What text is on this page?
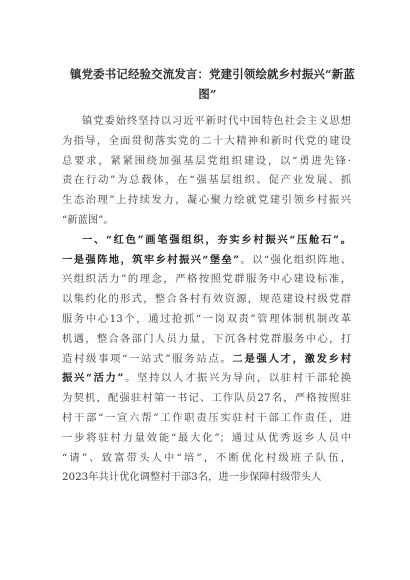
镇党委书记经验交流发言：党建引领绘就乡村振兴“新蓝
图”
镇党委始终坚持以习近平新时代中国特色社会主义思想
为指导，全面贯彻落实党的二十大精神和新时代党的建设
总要求，紧紧围绕加强基层党组织建设，以“勇进先锋·
责在行动”为总载体，在“强基层组织、促产业发展、抓
生态治理”上持续发力，凝心聚力绘就党建引领乡村振兴
“新蓝图”。
一、“红色”画笔强组织，夯实乡村振兴“压舱石”。
一是强阵地，筑牢乡村振兴“堡垒”。以“强化组织阵地、
兴组织活力”的理念，严格按照党群服务中心建设标准，
以集约化的形式，整合各村有效资源，规范建设村级党群
服务中心13个，通过抢抓“一岗双责”管理体制机制改革
机遇，整合各部门人员力量，下沉各村党群服务中心，打
造村级事项“一站式”服务站点。二是强人才，激发乡村
振兴“活力”。坚持以人才振兴为导向，以驻村干部轮换
为契机，配强驻村第一书记、工作队员27名，严格按照驻
村干部“一宣六帮”工作职责压实驻村干部工作责任，进
一步将驻村力量效能“最大化”；通过从优秀返乡人员中
“请”、致富带头人中“培”，不断优化村级班子队伍，
2023年共计优化调整村干部3名，进一步保障村级带头人
